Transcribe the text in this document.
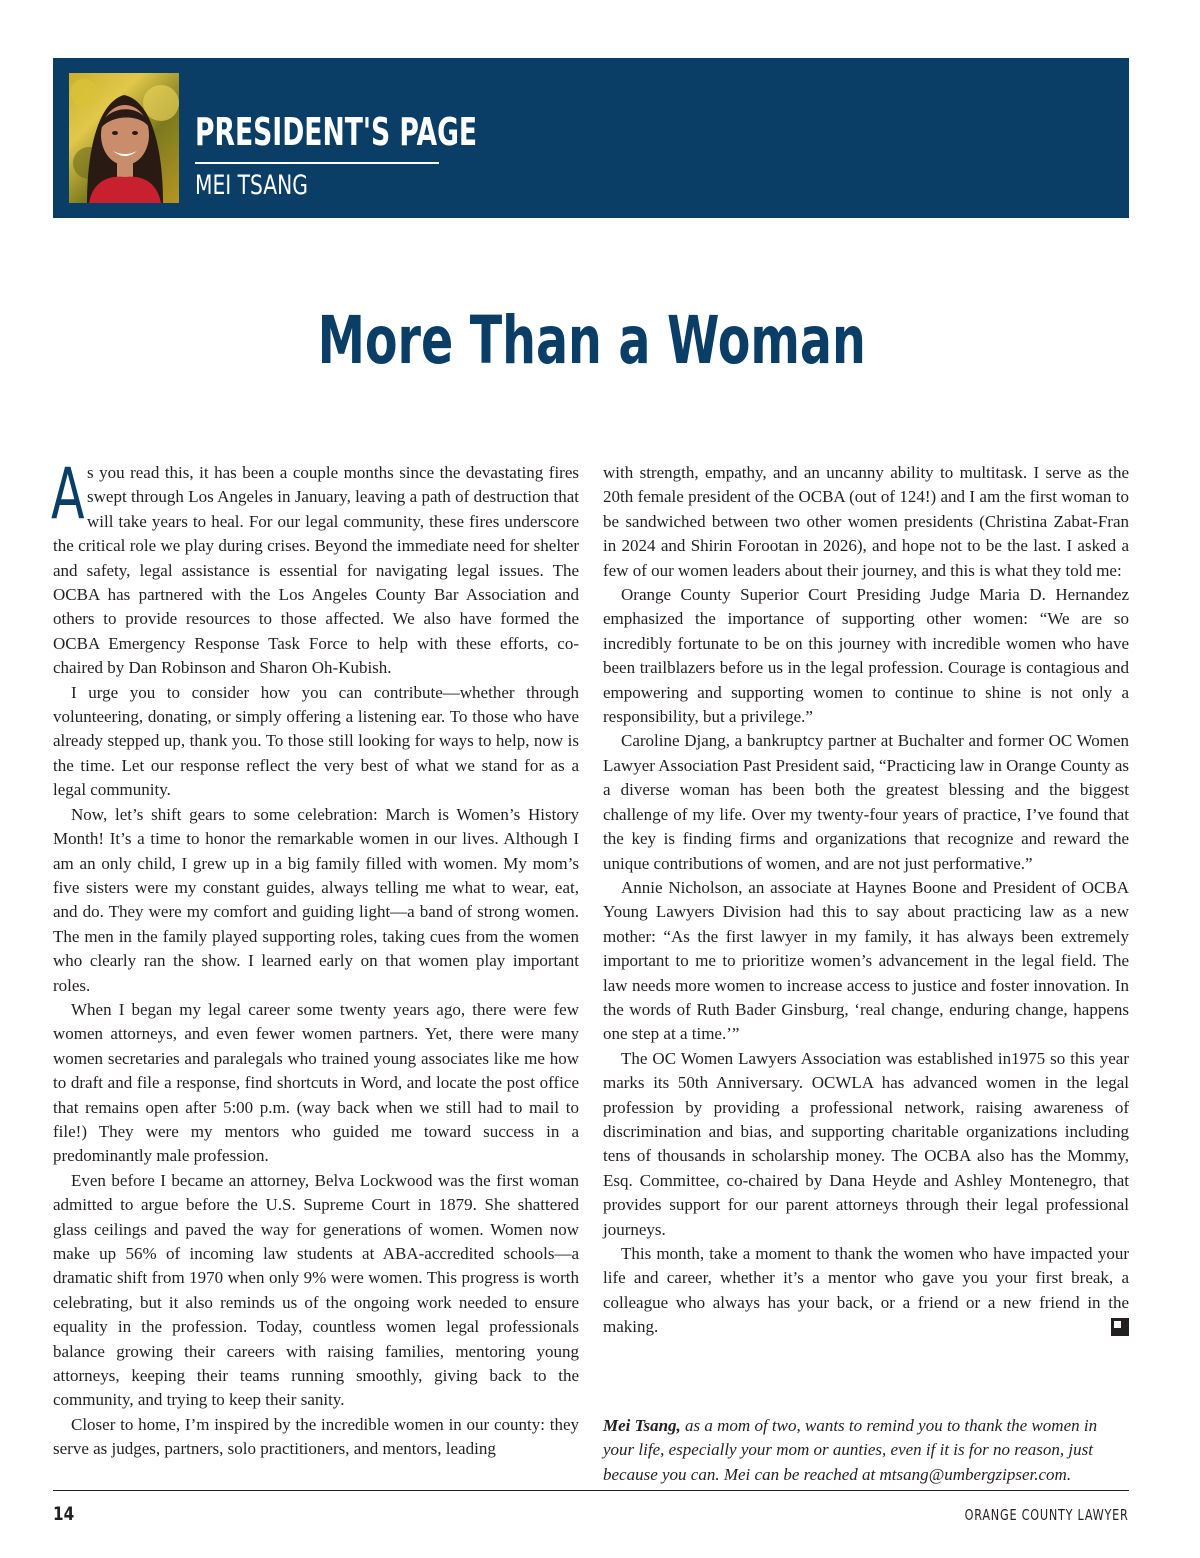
PRESIDENT'S PAGE
MEI TSANG
More Than a Woman

As you read this, it has been a couple months since the devastating fires swept through Los Angeles in January, leaving a path of destruction that will take years to heal. For our legal community, these fires underscore the critical role we play during crises. Beyond the immediate need for shelter and safety, legal assistance is essential for navigating legal issues. The OCBA has partnered with the Los Angeles County Bar Association and others to provide resources to those affected. We also have formed the OCBA Emergency Response Task Force to help with these efforts, co-chaired by Dan Robinson and Sharon Oh-Kubish.

I urge you to consider how you can contribute—whether through volunteering, donating, or simply offering a listening ear. To those who have already stepped up, thank you. To those still looking for ways to help, now is the time. Let our response reflect the very best of what we stand for as a legal community.

Now, let’s shift gears to some celebration: March is Women’s History Month! It’s a time to honor the remarkable women in our lives. Although I am an only child, I grew up in a big family filled with women. My mom’s five sisters were my constant guides, always telling me what to wear, eat, and do. They were my comfort and guiding light—a band of strong women. The men in the family played supporting roles, taking cues from the women who clearly ran the show. I learned early on that women play important roles.

When I began my legal career some twenty years ago, there were few women attorneys, and even fewer women partners. Yet, there were many women secretaries and paralegals who trained young associates like me how to draft and file a response, find shortcuts in Word, and locate the post office that remains open after 5:00 p.m. (way back when we still had to mail to file!) They were my mentors who guided me toward success in a predominantly male profession.

Even before I became an attorney, Belva Lockwood was the first woman admitted to argue before the U.S. Supreme Court in 1879. She shattered glass ceilings and paved the way for generations of women. Women now make up 56% of incoming law students at ABA-accredited schools—a dramatic shift from 1970 when only 9% were women. This progress is worth celebrating, but it also reminds us of the ongoing work needed to ensure equality in the profession. Today, countless women legal professionals balance growing their careers with raising families, mentoring young attorneys, keeping their teams running smoothly, giving back to the community, and trying to keep their sanity.

Closer to home, I’m inspired by the incredible women in our county: they serve as judges, partners, solo practitioners, and mentors, leading

with strength, empathy, and an uncanny ability to multitask. I serve as the 20th female president of the OCBA (out of 124!) and I am the first woman to be sandwiched between two other women presidents (Christina Zabat-Fran in 2024 and Shirin Forootan in 2026), and hope not to be the last. I asked a few of our women leaders about their journey, and this is what they told me:

Orange County Superior Court Presiding Judge Maria D. Hernandez emphasized the importance of supporting other women: “We are so incredibly fortunate to be on this journey with incredible women who have been trailblazers before us in the legal profession. Courage is contagious and empowering and supporting women to continue to shine is not only a responsibility, but a privilege.”

Caroline Djang, a bankruptcy partner at Buchalter and former OC Women Lawyer Association Past President said, “Practicing law in Orange County as a diverse woman has been both the greatest blessing and the biggest challenge of my life. Over my twenty-four years of practice, I’ve found that the key is finding firms and organizations that recognize and reward the unique contributions of women, and are not just performative.”

Annie Nicholson, an associate at Haynes Boone and President of OCBA Young Lawyers Division had this to say about practicing law as a new mother: “As the first lawyer in my family, it has always been extremely important to me to prioritize women’s advancement in the legal field. The law needs more women to increase access to justice and foster innovation. In the words of Ruth Bader Ginsburg, ‘real change, enduring change, happens one step at a time.’”

The OC Women Lawyers Association was established in1975 so this year marks its 50th Anniversary. OCWLA has advanced women in the legal profession by providing a professional network, raising awareness of discrimination and bias, and supporting charitable organizations including tens of thousands in scholarship money. The OCBA also has the Mommy, Esq. Committee, co-chaired by Dana Heyde and Ashley Montenegro, that provides support for our parent attorneys through their legal professional journeys.

This month, take a moment to thank the women who have impacted your life and career, whether it’s a mentor who gave you your first break, a colleague who always has your back, or a friend or a new friend in the making.

Mei Tsang, as a mom of two, wants to remind you to thank the women in your life, especially your mom or aunties, even if it is for no reason, just because you can. Mei can be reached at mtsang@umbergzipser.com.
14	ORANGE COUNTY LAWYER
